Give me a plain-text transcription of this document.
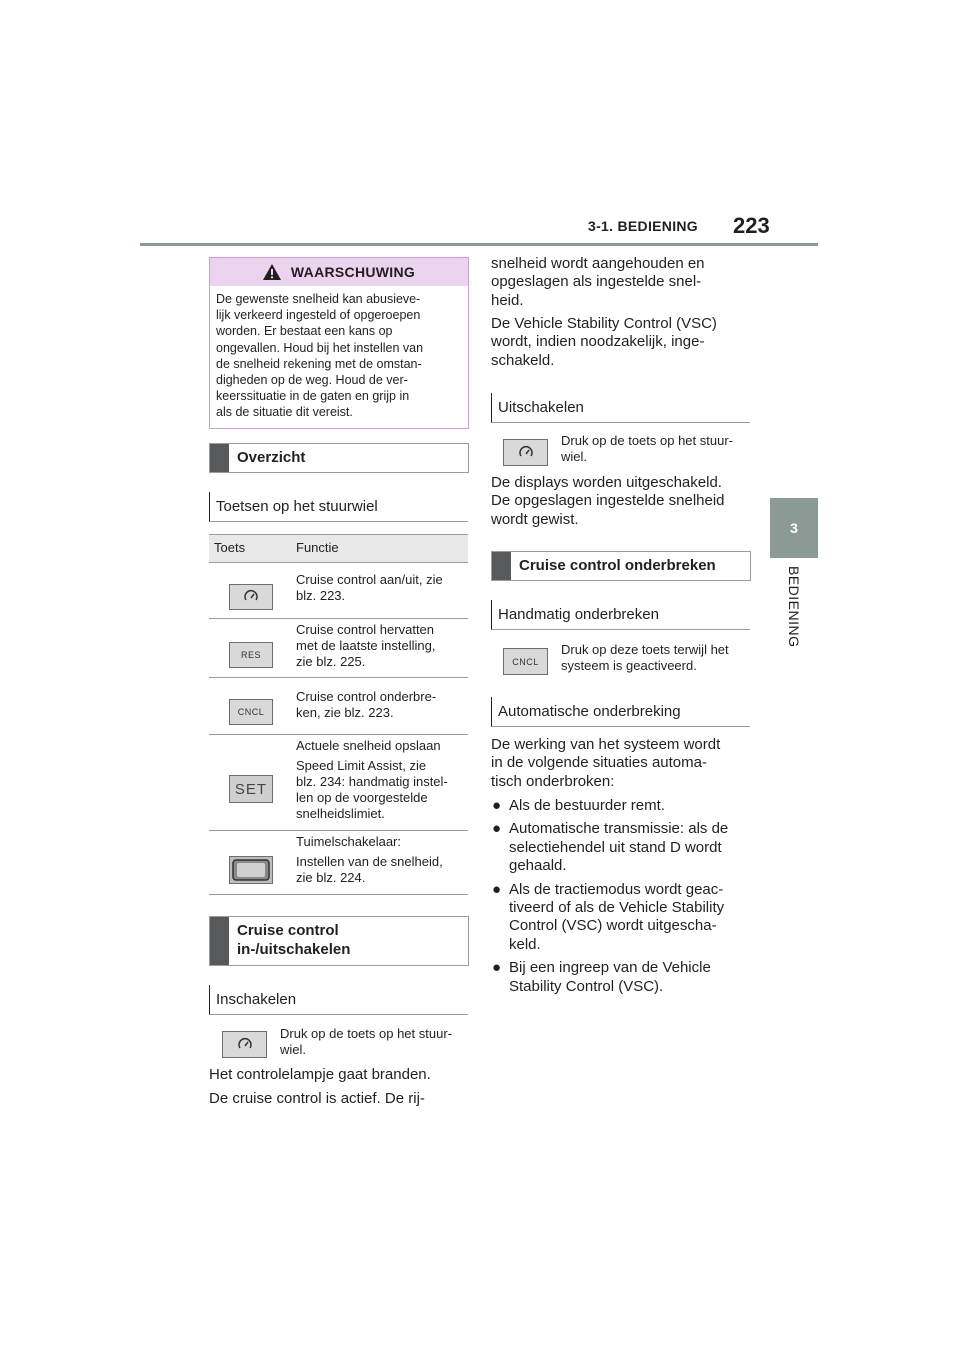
3-1. BEDIENING 223
3
BEDIENING
WAARSCHUWING
De gewenste snelheid kan abusieve-
lijk verkeerd ingesteld of opgeroepen
worden. Er bestaat een kans op
ongevallen. Houd bij het instellen van
de snelheid rekening met de omstan-
digheden op de weg. Houd de ver-
keerssituatie in de gaten en grijp in
als de situatie dit vereist.
Overzicht
Toetsen op het stuurwiel
Toets	Functie
Cruise control aan/uit, zie
blz. 223.
RES
Cruise control hervatten
met de laatste instelling,
zie blz. 225.
CNCL
Cruise control onderbre-
ken, zie blz. 223.
SET
Actuele snelheid opslaan
Speed Limit Assist, zie
blz. 234: handmatig instel-
len op de voorgestelde
snelheidslimiet.
Tuimelschakelaar:
Instellen van de snelheid,
zie blz. 224.
Cruise control
in-/uitschakelen
Inschakelen
Druk op de toets op het stuur-
wiel.
Het controlelampje gaat branden.
De cruise control is actief. De rij-
snelheid wordt aangehouden en
opgeslagen als ingestelde snel-
heid.
De Vehicle Stability Control (VSC)
wordt, indien noodzakelijk, inge-
schakeld.
Uitschakelen
Druk op de toets op het stuur-
wiel.
De displays worden uitgeschakeld.
De opgeslagen ingestelde snelheid
wordt gewist.
Cruise control onderbreken
Handmatig onderbreken
CNCL
Druk op deze toets terwijl het
systeem is geactiveerd.
Automatische onderbreking
De werking van het systeem wordt
in de volgende situaties automa-
tisch onderbroken:
● Als de bestuurder remt.
● Automatische transmissie: als de
selectiehendel uit stand D wordt
gehaald.
● Als de tractiemodus wordt geac-
tiveerd of als de Vehicle Stability
Control (VSC) wordt uitgescha-
keld.
● Bij een ingreep van de Vehicle
Stability Control (VSC).
